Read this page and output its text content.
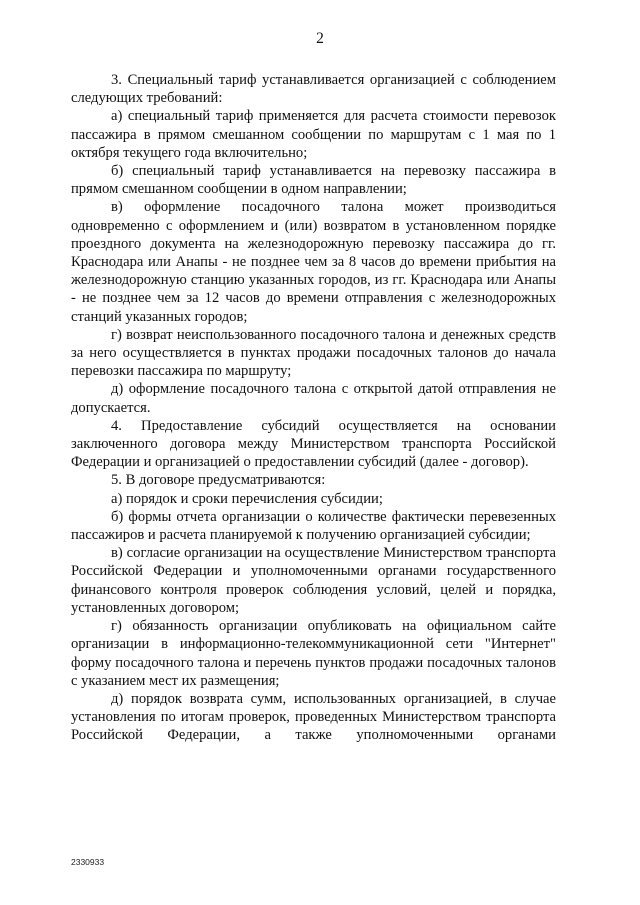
2

3. Специальный тариф устанавливается организацией с соблюдением следующих требований:

а) специальный тариф применяется для расчета стоимости перевозок пассажира в прямом смешанном сообщении по маршрутам с 1 мая по 1 октября текущего года включительно;

б) специальный тариф устанавливается на перевозку пассажира в прямом смешанном сообщении в одном направлении;

в) оформление посадочного талона может производиться одновременно с оформлением и (или) возвратом в установленном порядке проездного документа на железнодорожную перевозку пассажира до гг. Краснодара или Анапы - не позднее чем за 8 часов до времени прибытия на железнодорожную станцию указанных городов, из гг. Краснодара или Анапы - не позднее чем за 12 часов до времени отправления с железнодорожных станций указанных городов;

г) возврат неиспользованного посадочного талона и денежных средств за него осуществляется в пунктах продажи посадочных талонов до начала перевозки пассажира по маршруту;

д) оформление посадочного талона с открытой датой отправления не допускается.

4. Предоставление субсидий осуществляется на основании заключенного договора между Министерством транспорта Российской Федерации и организацией о предоставлении субсидий (далее - договор).

5. В договоре предусматриваются:

а) порядок и сроки перечисления субсидии;

б) формы отчета организации о количестве фактически перевезенных пассажиров и расчета планируемой к получению организацией субсидии;

в) согласие организации на осуществление Министерством транспорта Российской Федерации и уполномоченными органами государственного финансового контроля проверок соблюдения условий, целей и порядка, установленных договором;

г) обязанность организации опубликовать на официальном сайте организации в информационно-телекоммуникационной сети "Интернет" форму посадочного талона и перечень пунктов продажи посадочных талонов с указанием мест их размещения;

д) порядок возврата сумм, использованных организацией, в случае установления по итогам проверок, проведенных Министерством транспорта Российской Федерации, а также уполномоченными органами

2330933
